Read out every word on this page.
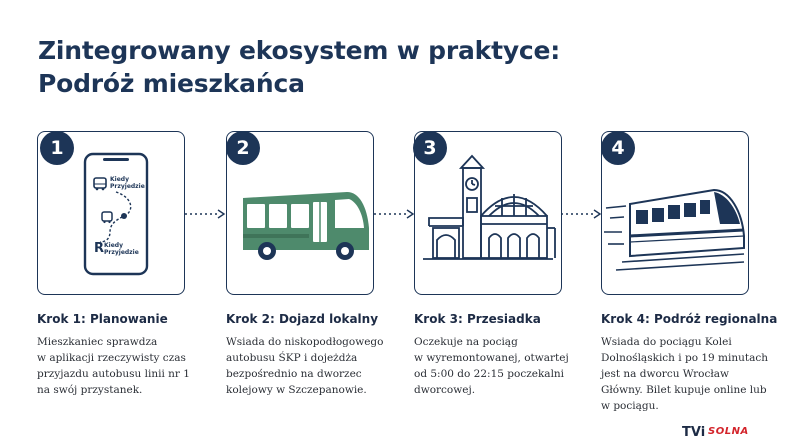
Zintegrowany ekosystem w praktyce:
Podróż mieszkańca
R
Kiedy Przyjedzie
Kiedy Przyjedzie
1	2	3	4
Krok 1: Planowanie	Krok 2: Dojazd lokalny	Krok 3: Przesiadka	Krok 4: Podróż regionalna
Mieszkaniec sprawdza
w aplikacji rzeczywisty czas
przyjazdu autobusu linii nr 1
na swój przystanek.
Wsiada do niskopodłogowego
autobusu ŚKP i dojeżdża
bezpośrednio na dworzec
kolejowy w Szczepanowie.
Oczekuje na pociąg
w wyremontowanej, otwartej
od 5:00 do 22:15 poczekalni
dworcowej.
Wsiada do pociągu Kolei
Dolnośląskich i po 19 minutach
jest na dworcu Wrocław
Główny. Bilet kupuje online lub
w pociągu.
TVi SOLNA
